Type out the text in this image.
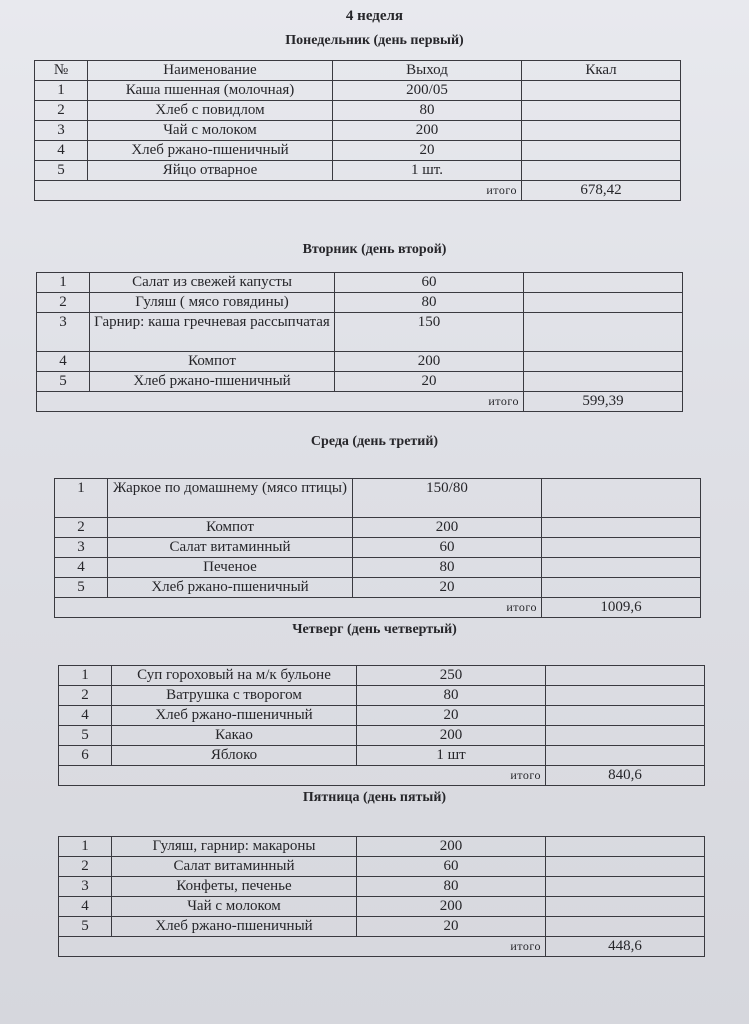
4 неделя
Понедельник (день первый)
№	Наименование	Выход	Ккал
1	Каша пшенная (молочная)	200/05	
2	Хлеб с повидлом	80	
3	Чай с молоком	200	
4	Хлеб ржано-пшеничный	20	
5	Яйцо отварное	1 шт.	
итого			678,42
Вторник (день второй)
1	Салат из свежей капусты	60	
2	Гуляш ( мясо говядины)	80	
3	Гарнир: каша гречневая рассыпчатая	150	
4	Компот	200	
5	Хлеб ржано-пшеничный	20	
итого			599,39
Среда (день третий)
1	Жаркое по домашнему (мясо птицы)	150/80	
2	Компот	200	
3	Салат витаминный	60	
4	Печеное	80	
5	Хлеб ржано-пшеничный	20	
итого			1009,6
Четверг (день четвертый)
1	Суп гороховый на м/к бульоне	250	
2	Ватрушка с творогом	80	
4	Хлеб ржано-пшеничный	20	
5	Какао	200	
6	Яблоко	1 шт	
итого			840,6
Пятница (день пятый)
1	Гуляш, гарнир: макароны	200	
2	Салат витаминный	60	
3	Конфеты, печенье	80	
4	Чай с молоком	200	
5	Хлеб ржано-пшеничный	20	
итого			448,6
